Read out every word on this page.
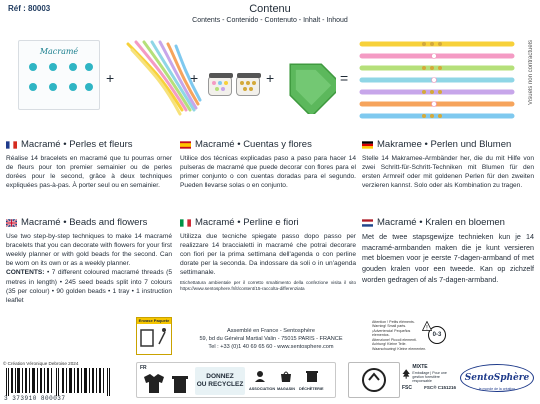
Réf : 80003	Contenu
Contents - Contenido - Contenuto - Inhalt - Inhoud
Visuels non contractuels
Macramé
+	+	+	=
Macramé • Perles et fleurs

Réalise 14 bracelets en macramé que tu pourras orner de fleurs pour ton premier semainier ou de perles dorées pour le second, grâce à deux techniques expliquées pas-à-pas. À porter seul ou en semainier.

Macramé • Cuentas y flores

Utilice dos técnicas explicadas paso a paso para hacer 14 pulseras de macramé que puede decorar con flores para el primer conjunto o con cuentas doradas para el segundo. Pueden llevarse solas o en conjunto.

Makramee • Perlen und Blumen

Stelle 14 Makramee-Armbänder her, die du mit Hilfe von zwei Schritt-für-Schritt-Techniken mit Blumen für den ersten Armreif oder mit goldenen Perlen für den zweiten verzieren kannst. Solo oder als Kombination zu tragen.

Macramé • Beads and flowers

Use two step-by-step techniques to make 14 macramé bracelets that you can decorate with flowers for your first weekly planner or with gold beads for the second. Can be worn on its own or as a weekly planner.

CONTENTS: • 7 different coloured macramé threads (5 metres in length) • 245 seed beads split into 7 colours (35 per colour) • 90 golden beads • 1 tray • 1 instruction leaflet

Macramé • Perline e fiori

Utilizza due tecniche spiegate passo dopo passo per realizzare 14 braccialetti in macramé che potrai decorare con fiori per la prima settimana dell'agenda o con perline dorate per la seconda. Da indossare da soli o in un'agenda settimanale.

Etichettatura ambientale per il corretto smaltimento della confezione visita il sito https://www.sentosphere.fr/it/content/15-raccolta-differenziata

Macramé • Kralen en bloemen

Met de twee stapsgewijze technieken kun je 14 macramé-armbanden maken die je kunt versieren met bloemen voor je eerste 7-dagen-armband of met gouden kralen voor een tweede. Kan op zichzelf worden gedragen of als 7-dagen-armband.

Envase Paquete
Assemblé en France - Sentosphère
59, bd du Général Martial Valin - 75015 PARIS - FRANCE
Tel : +33 (0)1 40 69 65 60 - www.sentosphere.com
Attention ! Petits éléments.
Warning! Small parts.
¡Advertencia! Pequeños elementos.
Attenzione! Piccoli elementi.
Achtung! Kleine Teile.
Waarschuwing! Kleine elementen.
0-3
!
© Création Véronique Debroise 2024
3 373910 800037
FR
DONNEZ
OU RECYCLEZ
ASSOCIATION MAGASIN DÉCHÈTERIE
MIXTE
Emballage | Pour une gestion forestière responsable
FSC	FSC® C151216
SentoSphère
le monde de la création
